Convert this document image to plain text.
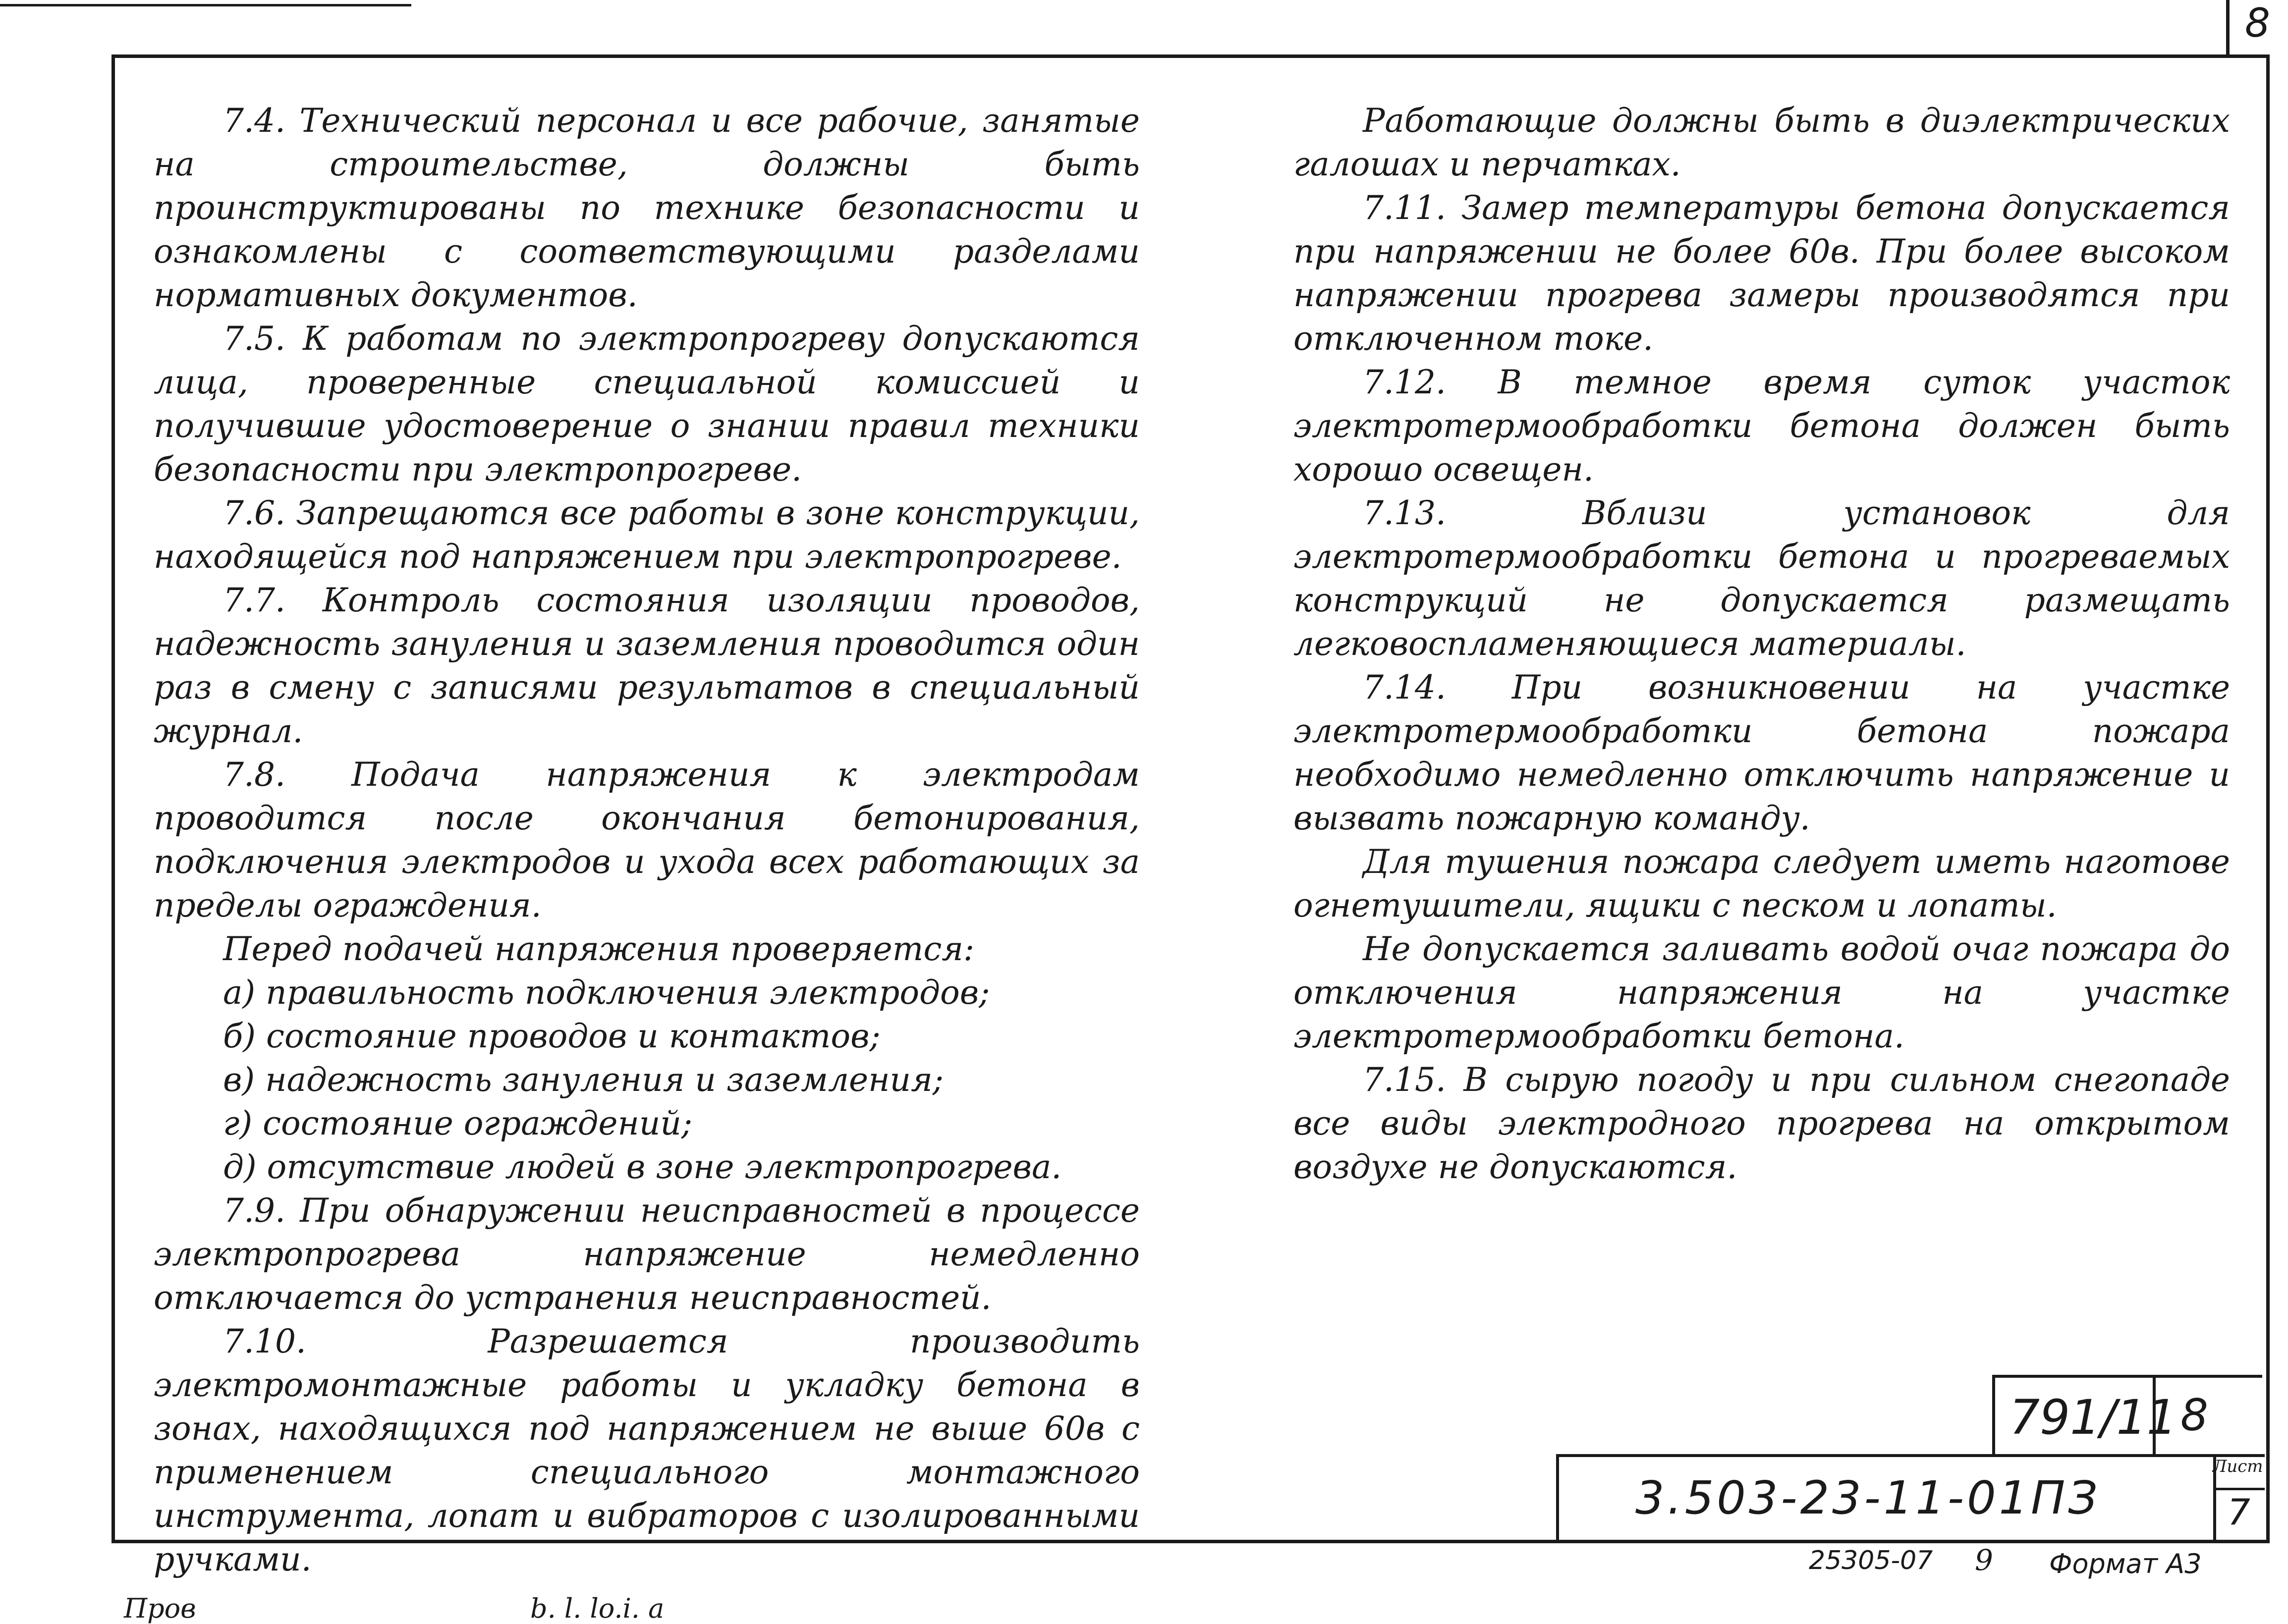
8

7.4. Технический персонал и все рабочие, занятые на строительстве, должны быть проинструктированы по технике безопасности и ознакомлены с соответствующими разделами нормативных документов.

7.5. К работам по электропрогреву допускаются лица, проверенные специальной комиссией и получившие удостоверение о знании правил техники безопасности при электропрогреве.

7.6. Запрещаются все работы в зоне конструкции, находящейся под напряжением при электропрогреве.

7.7. Контроль состояния изоляции проводов, надежность зануления и заземления проводится один раз в смену с записями результатов в специальный журнал.

7.8. Подача напряжения к электродам проводится после окончания бетонирования, подключения электродов и ухода всех работающих за пределы ограждения.

Перед подачей напряжения проверяется:

а) правильность подключения электродов;

б) состояние проводов и контактов;

в) надежность зануления и заземления;

г) состояние ограждений;

д) отсутствие людей в зоне электропрогрева.

7.9. При обнаружении неисправностей в процессе электропрогрева напряжение немедленно отключается до устранения неисправностей.

7.10. Разрешается производить электромонтажные работы и укладку бетона в зонах, находящихся под напряжением не выше 60в с применением специального монтажного инструмента, лопат и вибраторов с изолированными ручками.

Работающие должны быть в диэлектрических галошах и перчатках.

7.11. Замер температуры бетона допускается при напряжении не более 60в. При более высоком напряжении прогрева замеры производятся при отключенном токе.

7.12. В темное время суток участок электротермообработки бетона должен быть хорошо освещен.

7.13. Вблизи установок для электротермообработки бетона и прогреваемых конструкций не допускается размещать легковоспламеняющиеся материалы.

7.14. При возникновении на участке электротермообработки бетона пожара необходимо немедленно отключить напряжение и вызвать пожарную команду.

Для тушения пожара следует иметь наготове огнетушители, ящики с песком и лопаты.

Не допускается заливать водой очаг пожара до отключения напряжения на участке электротермообработки бетона.

7.15. В сырую погоду и при сильном снегопаде все виды электродного прогрева на открытом воздухе не допускаются.

791/11 8
3.503-23-11-01ПЗ
Лист
7
25305-07 9 Формат А3
Пров	b. l. lo.i. a
